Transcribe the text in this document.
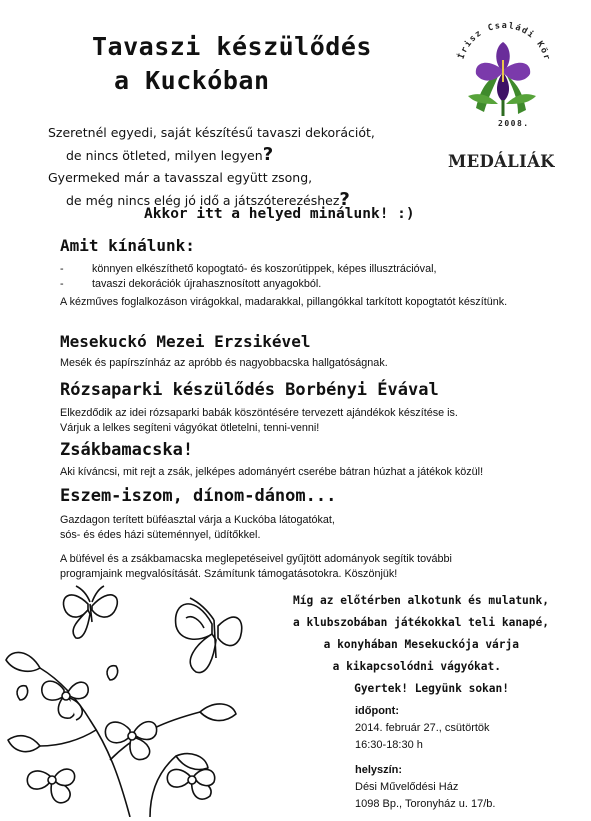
Tavaszi készülődés
a Kuckóban
Írisz Családi Kör
2008.
MEDÁLIÁK
Szeretnél egyedi, saját készítésű tavaszi dekorációt,
de nincs ötleted, milyen legyen?
Gyermeked már a tavasszal együtt zsong,
de még nincs elég jó idő a játszóterezéshez?
Akkor itt a helyed minálunk! :)
Amit kínálunk:
- könnyen elkészíthető kopogtató- és koszorútippek, képes illusztrációval,
- tavaszi dekorációk újrahasznosított anyagokból.
A kézműves foglalkozáson virágokkal, madarakkal, pillangókkal tarkított kopogtatót készítünk.
Mesekuckó Mezei Erzsikével
Mesék és papírszínház az apróbb és nagyobbacska hallgatóságnak.
Rózsaparki készülődés Borbényi Évával
Elkezdődik az idei rózsaparki babák köszöntésére tervezett ajándékok készítése is.
Várjuk a lelkes segíteni vágyókat ötletelni, tenni-venni!
Zsákbamacska!
Aki kíváncsi, mit rejt a zsák, jelképes adományért cserébe bátran húzhat a játékok közül!
Eszem-iszom, dínom-dánom...
Gazdagon terített büféasztal várja a Kuckóba látogatókat,
sós- és édes házi süteménnyel, üdítőkkel.
A büfével és a zsákbamacska meglepetéseivel gyűjtött adományok segítik további
programjaink megvalósítását. Számítunk támogatásotokra. Köszönjük!
Míg az előtérben alkotunk és mulatunk,
a klubszobában játékokkal teli kanapé,
a konyhában Mesekuckója várja
a kikapcsolódni vágyókat.
Gyertek! Legyünk sokan!
időpont:
2014. február 27., csütörtök
16:30-18:30 h
helyszín:
Dési Művelődési Ház
1098 Bp., Toronyház u. 17/b.
